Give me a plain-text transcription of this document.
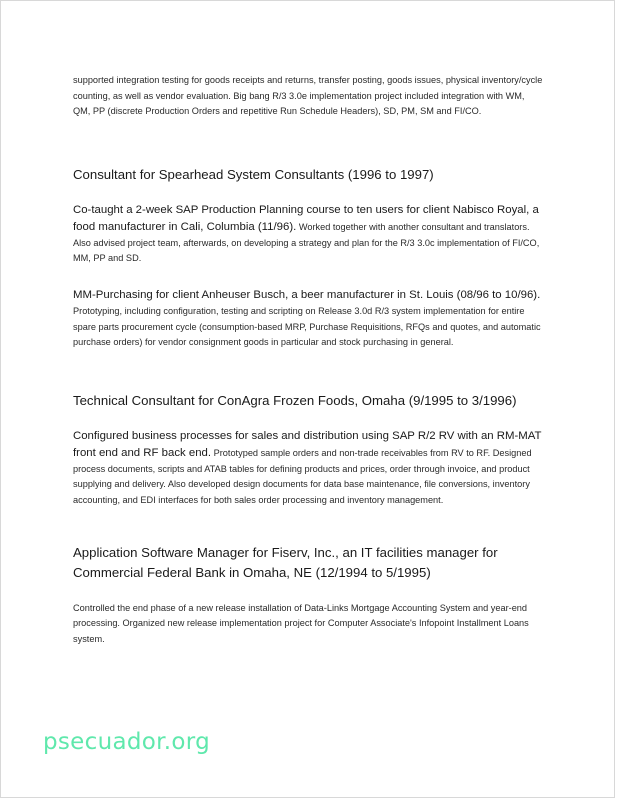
supported integration testing for goods receipts and returns, transfer posting, goods issues, physical inventory/cycle counting, as well as vendor evaluation. Big bang R/3 3.0e implementation project included integration with WM, QM, PP (discrete Production Orders and repetitive Run Schedule Headers), SD, PM, SM and FI/CO.

Consultant for Spearhead System Consultants (1996 to 1997)

Co-taught a 2-week SAP Production Planning course to ten users for client Nabisco Royal, a food manufacturer in Cali, Columbia (11/96). Worked together with another consultant and translators. Also advised project team, afterwards, on developing a strategy and plan for the R/3 3.0c implementation of FI/CO, MM, PP and SD.

MM-Purchasing for client Anheuser Busch, a beer manufacturer in St. Louis (08/96 to 10/96). Prototyping, including configuration, testing and scripting on Release 3.0d R/3 system implementation for entire spare parts procurement cycle (consumption-based MRP, Purchase Requisitions, RFQs and quotes, and automatic purchase orders) for vendor consignment goods in particular and stock purchasing in general.

Technical Consultant for ConAgra Frozen Foods, Omaha (9/1995 to 3/1996)

Configured business processes for sales and distribution using SAP R/2 RV with an RM-MAT front end and RF back end. Prototyped sample orders and non-trade receivables from RV to RF. Designed process documents, scripts and ATAB tables for defining products and prices, order through invoice, and product supplying and delivery. Also developed design documents for data base maintenance, file conversions, inventory accounting, and EDI interfaces for both sales order processing and inventory management.

Application Software Manager for Fiserv, Inc., an IT facilities manager for Commercial Federal Bank in Omaha, NE (12/1994 to 5/1995)

Controlled the end phase of a new release installation of Data-Links Mortgage Accounting System and year-end processing. Organized new release implementation project for Computer Associate's Infopoint Installment Loans system.

psecuador.org
